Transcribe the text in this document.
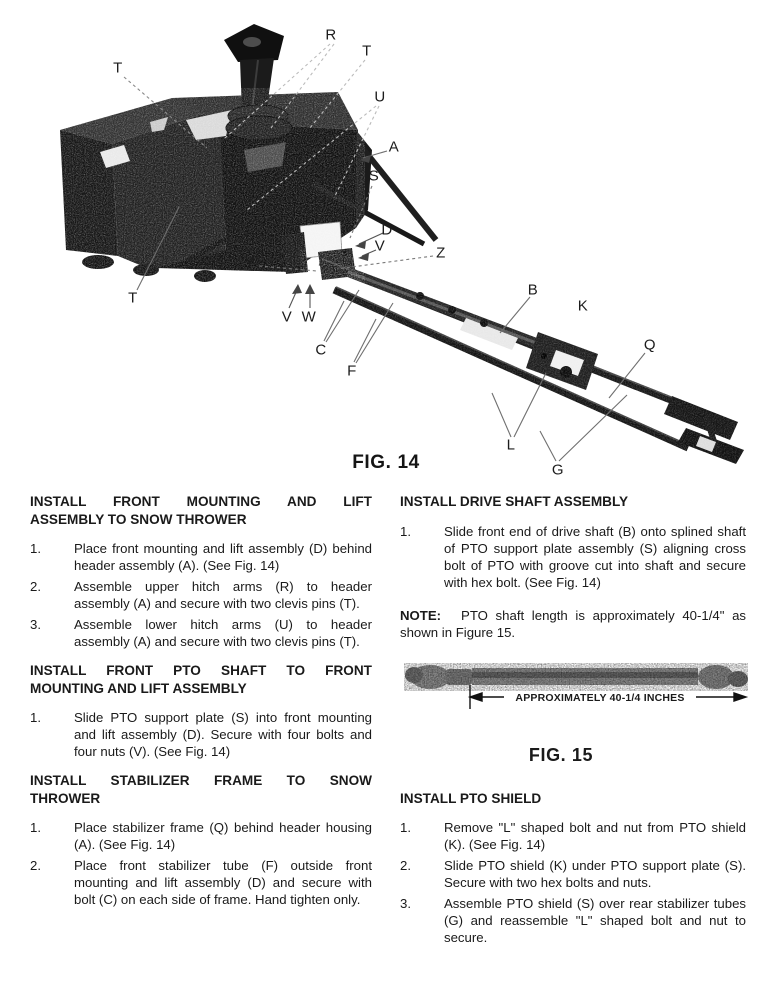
T
R
T
U
A
S
D
V	Z
Y
T
V W
C
F
B
K
Q
L
G
FIG. 14
INSTALL FRONT MOUNTING AND LIFT
ASSEMBLY TO SNOW THROWER
1.	Place front mounting and lift assembly (D) behind header assembly (A). (See Fig. 14)
2.	Assemble upper hitch arms (R) to header assembly (A) and secure with two clevis pins (T).
3.	Assemble lower hitch arms (U) to header assembly (A) and secure with two clevis pins (T).
INSTALL FRONT PTO SHAFT TO FRONT
MOUNTING AND LIFT ASSEMBLY
1.	Slide PTO support plate (S) into front mounting and lift assembly (D). Secure with four bolts and four nuts (V). (See Fig. 14)
INSTALL STABILIZER FRAME TO SNOW
THROWER
1.	Place stabilizer frame (Q) behind header housing (A). (See Fig. 14)
2.	Place front stabilizer tube (F) outside front mounting and lift assembly (D) and secure with bolt (C) on each side of frame. Hand tighten only.
INSTALL DRIVE SHAFT ASSEMBLY
1.	Slide front end of drive shaft (B) onto splined shaft of PTO support plate assembly (S) aligning cross bolt of PTO with groove cut into shaft and secure with hex bolt. (See Fig. 14)

NOTE: PTO shaft length is approximately 40-1/4" as shown in Figure 15.

APPROXIMATELY 40-1/4 INCHES
FIG. 15
INSTALL PTO SHIELD
1.	Remove "L" shaped bolt and nut from PTO shield (K). (See Fig. 14)
2.	Slide PTO shield (K) under PTO support plate (S). Secure with two hex bolts and nuts.
3.	Assemble PTO shield (S) over rear stabilizer tubes (G) and reassemble "L" shaped bolt and nut to secure.
